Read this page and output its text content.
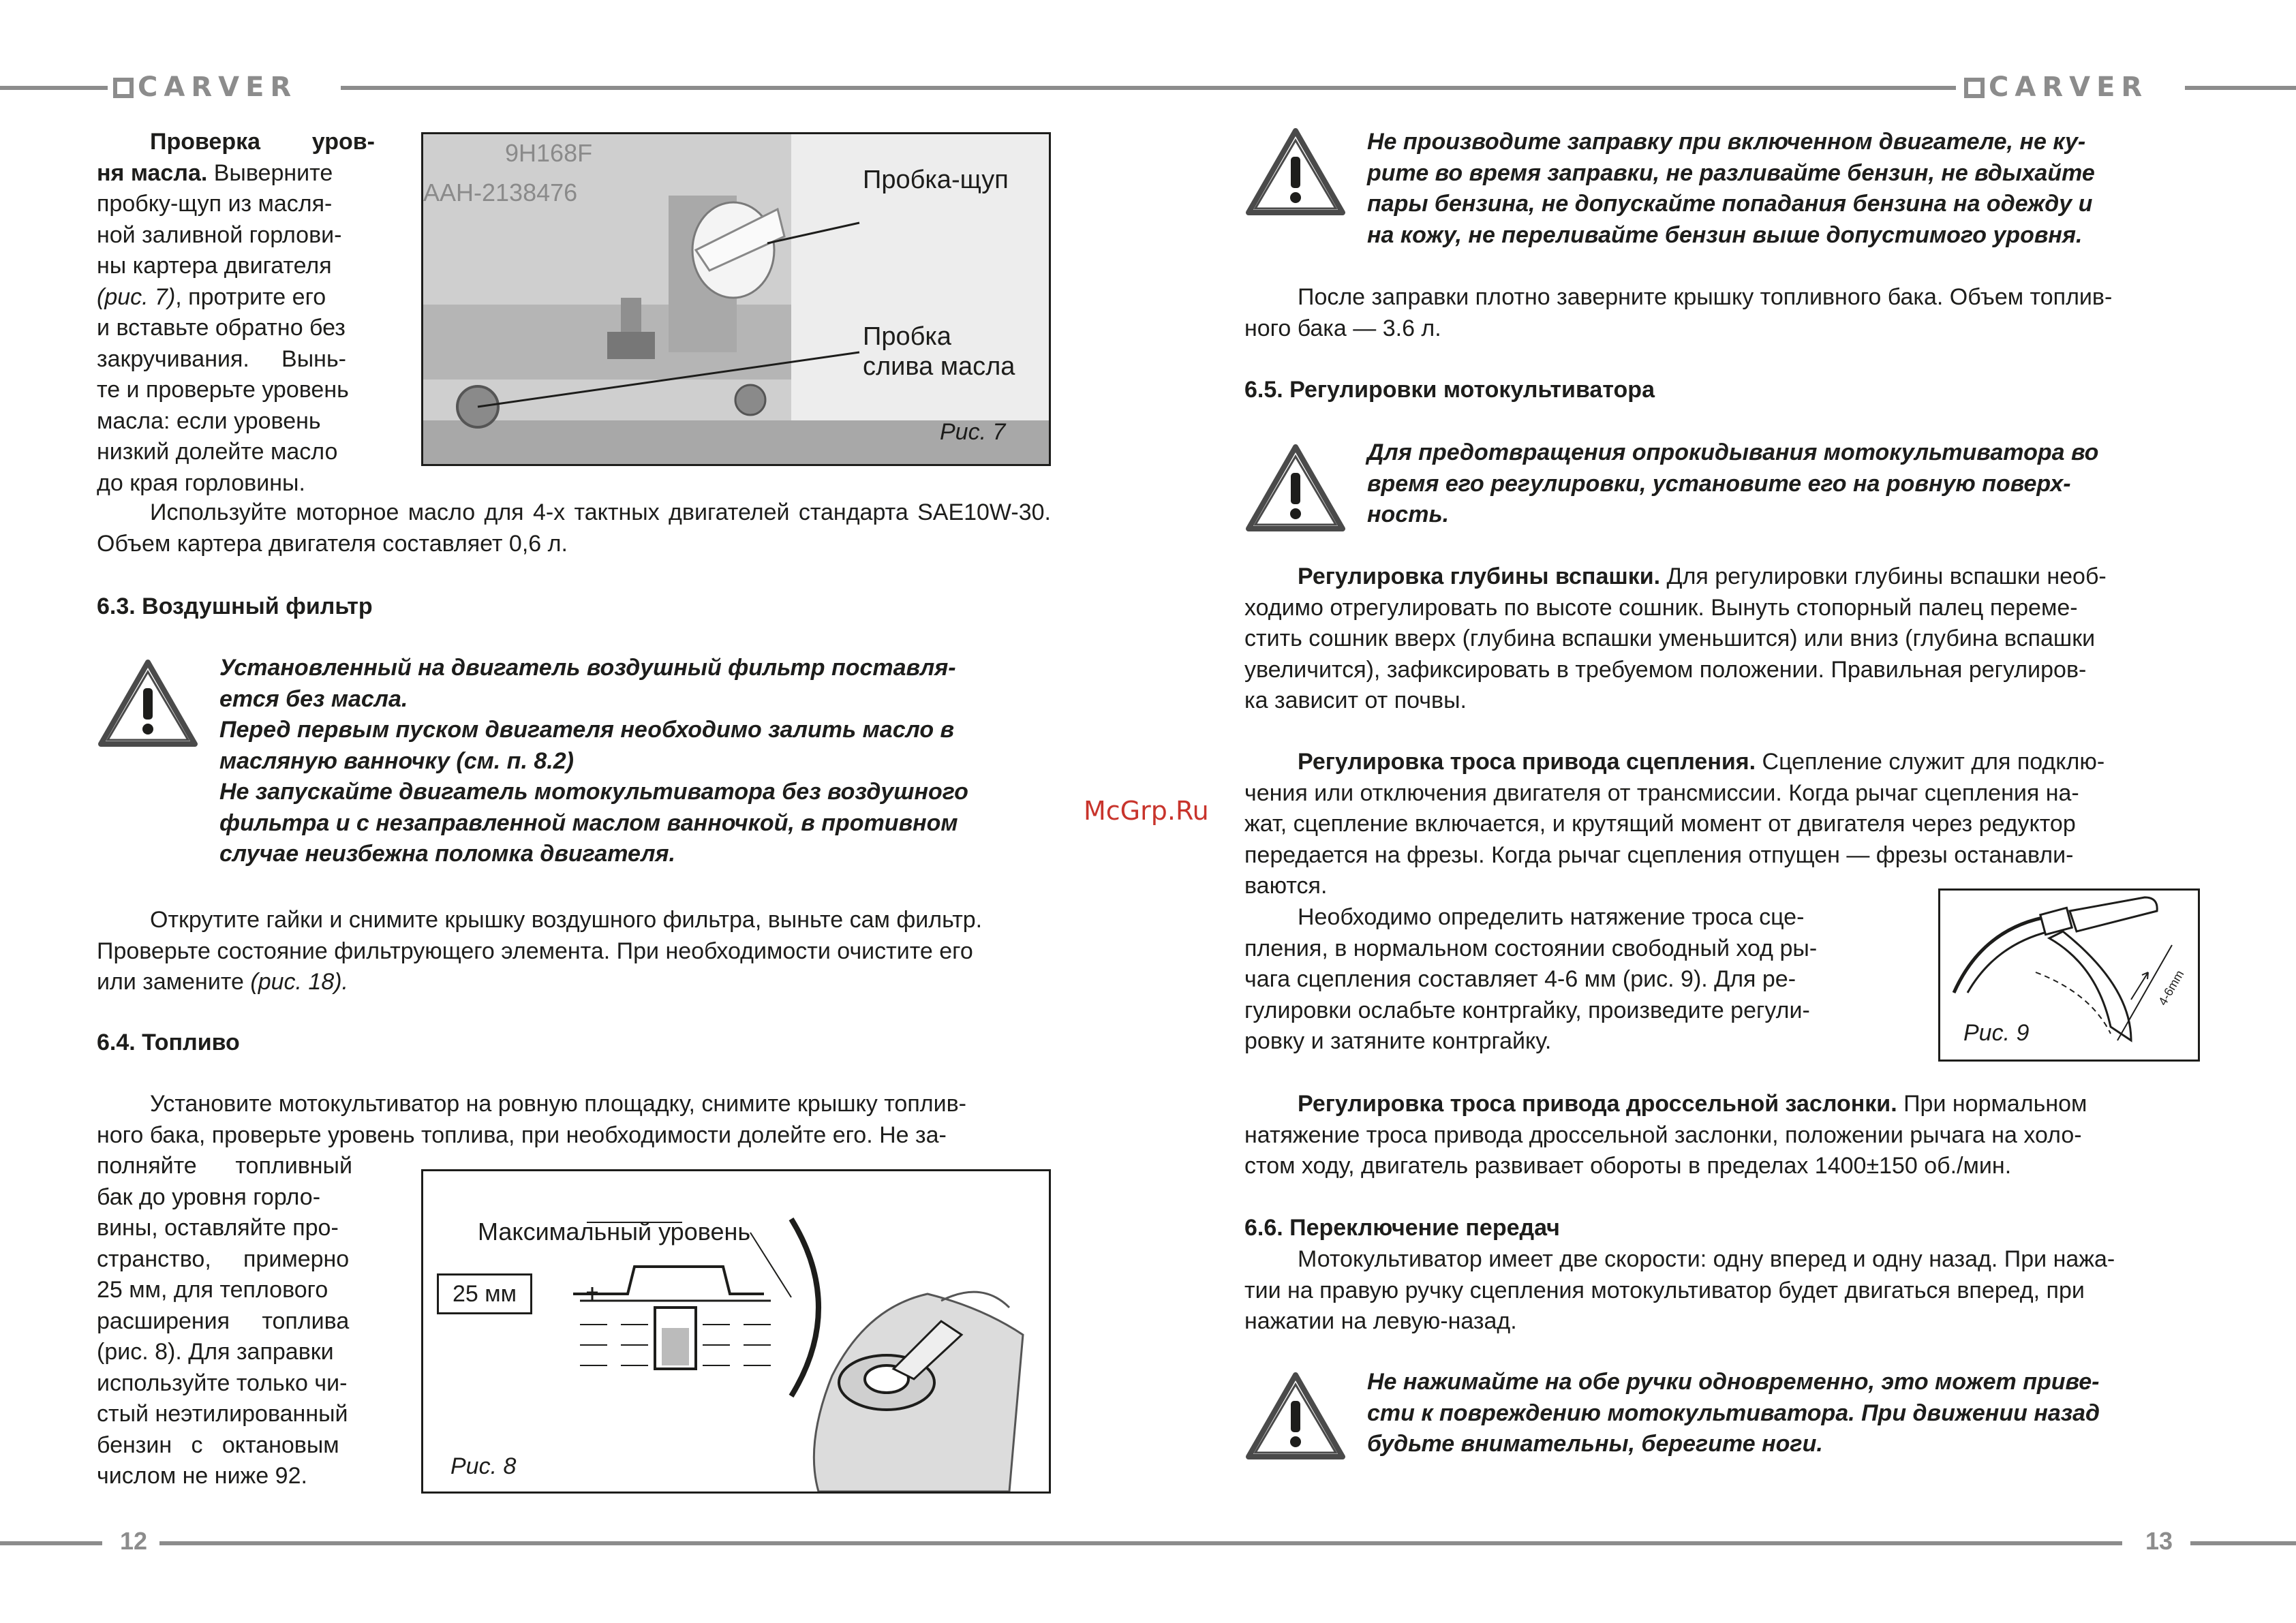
CARVER	CARVER
12	13
McGrp.Ru
Проверка уров-
ня масла. Выверните
пробку-щуп из масля-
ной заливной горлови-
ны картера двигателя
(рис. 7), протрите его
и вставьте обратно без
закручивания.     Вынь-
те и проверьте уровень
масла: если уровень
низкий долейте масло
до края горловины.
9H168F
AAH-2138476	Пробка-щуп
Пробка
слива масла
Рис. 7

Используйте моторное масло для 4-х тактных двигателей стандарта SAE10W-30. Объем картера двигателя составляет 0,6 л.

6.3. Воздушный фильтр

Установленный на двигатель воздушный фильтр поставля-
ется без масла.
Перед первым пуском двигателя необходимо залить масло в
масляную ванночку (см. п. 8.2)
Не запускайте двигатель мотокультиватора без воздушного
фильтра и с незаправленной маслом ванночкой, в противном
случае неизбежна поломка двигателя.
Открутите гайки и снимите крышку воздушного фильтра, выньте сам фильтр.
Проверьте состояние фильтрующего элемента. При необходимости очистите его
или замените (рис. 18).

6.4. Топливо

Установите мотокультиватор на ровную площадку, снимите крышку топлив-
ного бака, проверьте уровень топлива, при необходимости долейте его. Не за-
полняйте      топливный
бак до уровня горло-
вины, оставляйте про-
странство,     примерно
25 мм, для теплового
расширения     топлива
(рис. 8). Для заправки
используйте только чи-
стый неэтилированный
бензин   с   октановым
числом не ниже 92.
Максимальный уровень
25 мм
Рис. 8
Не производите заправку при включенном двигателе, не ку-
рите во время заправки, не разливайте бензин, не вдыхайте
пары бензина, не допускайте попадания бензина на одежду и
на кожу, не переливайте бензин выше допустимого уровня.
После заправки плотно заверните крышку топливного бака. Объем топлив-
ного бака — 3.6 л.

6.5. Регулировки мотокультиватора

Для предотвращения опрокидывания мотокультиватора во
время его регулировки, установите его на ровную поверх-
ность.
Регулировка глубины вспашки. Для регулировки глубины вспашки необ-
ходимо отрегулировать по высоте сошник. Вынуть стопорный палец переме-
стить сошник вверх (глубина вспашки уменьшится) или вниз (глубина вспашки
увеличится), зафиксировать в требуемом положении. Правильная регулиров-
ка зависит от почвы.
Регулировка троса привода сцепления. Сцепление служит для подклю-
чения или отключения двигателя от трансмиссии. Когда рычаг сцепления на-
жат, сцепление включается, и крутящий момент от двигателя через редуктор
передается на фрезы. Когда рычаг сцепления отпущен — фрезы останавли-
ваются.
Необходимо определить натяжение троса сце-
пления, в нормальном состоянии свободный ход ры-
чага сцепления составляет 4-6 мм (рис. 9). Для ре-
гулировки ослабьте контргайку, произведите регули-
ровку и затяните контргайку.
4-6mm
Рис. 9
Регулировка троса привода дроссельной заслонки. При нормальном
натяжение троса привода дроссельной заслонки, положении рычага на холо-
стом ходу, двигатель развивает обороты в пределах 1400±150 об./мин.

6.6. Переключение передач

Мотокультиватор имеет две скорости: одну вперед и одну назад. При нажа-
тии на правую ручку сцепления мотокультиватор будет двигаться вперед, при
нажатии на левую-назад.
Не нажимайте на обе ручки одновременно, это может приве-
сти к повреждению мотокультиватора. При движении назад
будьте внимательны, берегите ноги.
